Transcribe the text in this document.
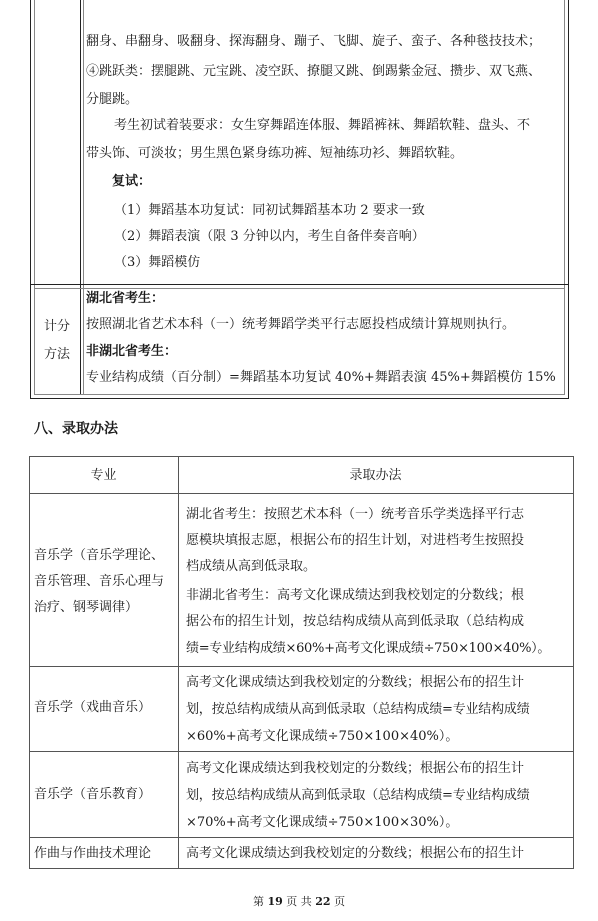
翻身、串翻身、吸翻身、探海翻身、蹦子、飞脚、旋子、蛮子、各种毯技技术；
④跳跃类：摆腿跳、元宝跳、凌空跃、撩腿又跳、倒踢紫金冠、攒步、双飞燕、
分腿跳。
考生初试着装要求：女生穿舞蹈连体服、舞蹈裤袜、舞蹈软鞋、盘头、不
带头饰、可淡妆；男生黑色紧身练功裤、短袖练功衫、舞蹈软鞋。
复试：
（1）舞蹈基本功复试：同初试舞蹈基本功 2 要求一致
（2）舞蹈表演（限 3 分钟以内，考生自备伴奏音响）
（3）舞蹈模仿
计分
方法
湖北省考生：
按照湖北省艺术本科（一）统考舞蹈学类平行志愿投档成绩计算规则执行。
非湖北省考生：
专业结构成绩（百分制）=舞蹈基本功复试 40%+舞蹈表演 45%+舞蹈模仿 15%
八、录取办法
专业	录取办法
音乐学（音乐学理论、
音乐管理、音乐心理与
治疗、钢琴调律）
湖北省考生：按照艺术本科（一）统考音乐学类选择平行志
愿模块填报志愿，根据公布的招生计划，对进档考生按照投
档成绩从高到低录取。
非湖北省考生：高考文化课成绩达到我校划定的分数线；根
据公布的招生计划，按总结构成绩从高到低录取（总结构成
绩=专业结构成绩×60%+高考文化课成绩÷750×100×40%）。
音乐学（戏曲音乐）
高考文化课成绩达到我校划定的分数线；根据公布的招生计
划，按总结构成绩从高到低录取（总结构成绩=专业结构成绩
×60%+高考文化课成绩÷750×100×40%）。
音乐学（音乐教育）
高考文化课成绩达到我校划定的分数线；根据公布的招生计
划，按总结构成绩从高到低录取（总结构成绩=专业结构成绩
×70%+高考文化课成绩÷750×100×30%）。
作曲与作曲技术理论	高考文化课成绩达到我校划定的分数线；根据公布的招生计
第 19 页 共 22 页
